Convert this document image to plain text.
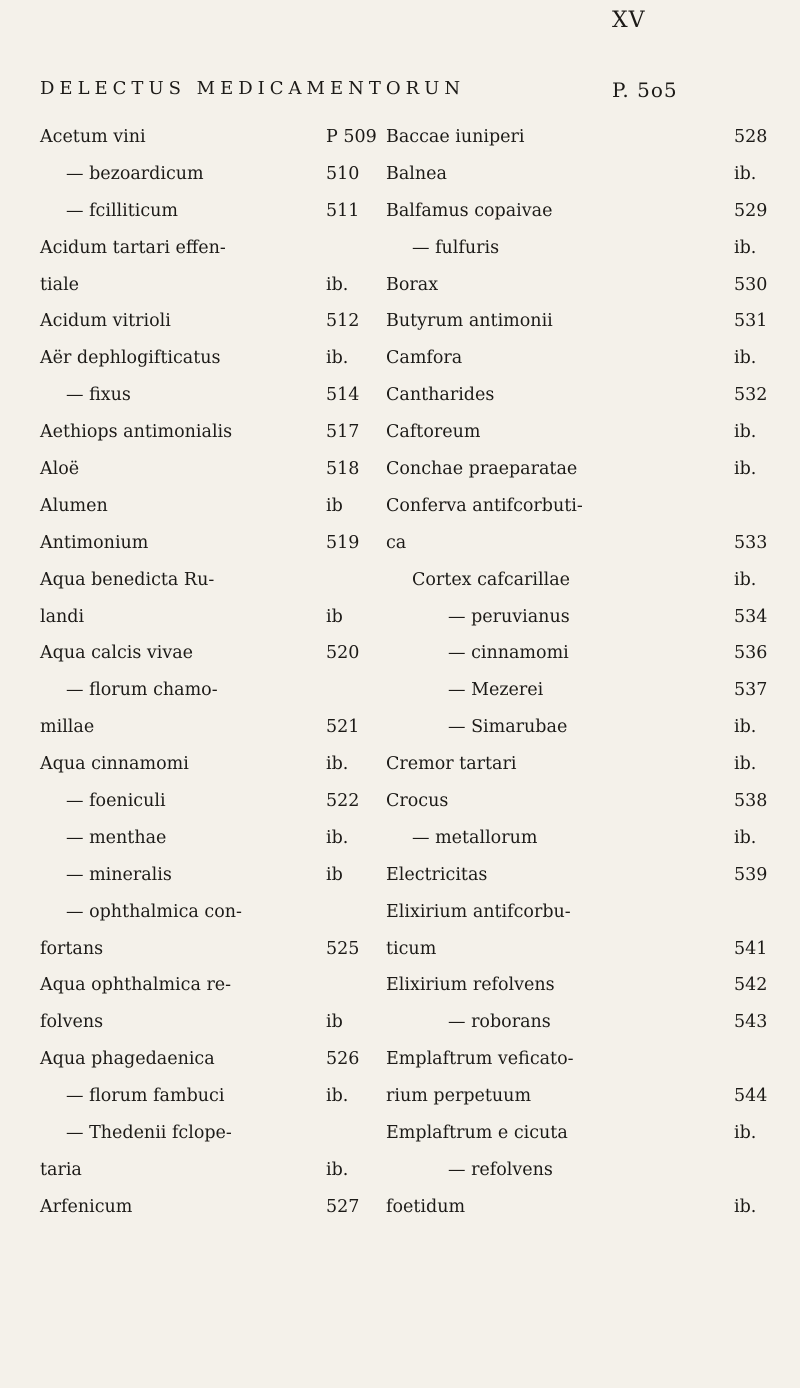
XV
DELECTUS MEDICAMENTORUN	P. 5o5
Acetum vini	P 509
— bezoardicum	510
— fcilliticum	511
Acidum tartari effen-
tiale	ib.
Acidum vitrioli	512
Aër dephlogifticatus	ib.
— fixus	514
Aethiops antimonialis	517
Aloë	518
Alumen	ib
Antimonium	519
Aqua benedicta Ru-
landi	ib
Aqua calcis vivae	520
— florum chamo-
millae	521
Aqua cinnamomi	ib.
— foeniculi	522
— menthae	ib.
— mineralis	ib
— ophthalmica con-
fortans	525
Aqua ophthalmica re-
folvens	ib
Aqua phagedaenica	526
— florum fambuci	ib.
— Thedenii fclope-
taria	ib.
Arfenicum	527
Baccae iuniperi	528
Balnea	ib.
Balfamus copaivae	529
— fulfuris	ib.
Borax	530
Butyrum antimonii	531
Camfora	ib.
Cantharides	532
Caftoreum	ib.
Conchae praeparatae	ib.
Conferva antifcorbuti-
ca	533
Cortex cafcarillae	ib.
— peruvianus	534
— cinnamomi	536
— Mezerei	537
— Simarubae	ib.
Cremor tartari	ib.
Crocus	538
— metallorum	ib.
Electricitas	539
Elixirium antifcorbu-
ticum	541
Elixirium refolvens	542
— roborans	543
Emplaftrum veficato-
rium perpetuum	544
Emplaftrum e cicuta	ib.
— refolvens
foetidum	ib.
